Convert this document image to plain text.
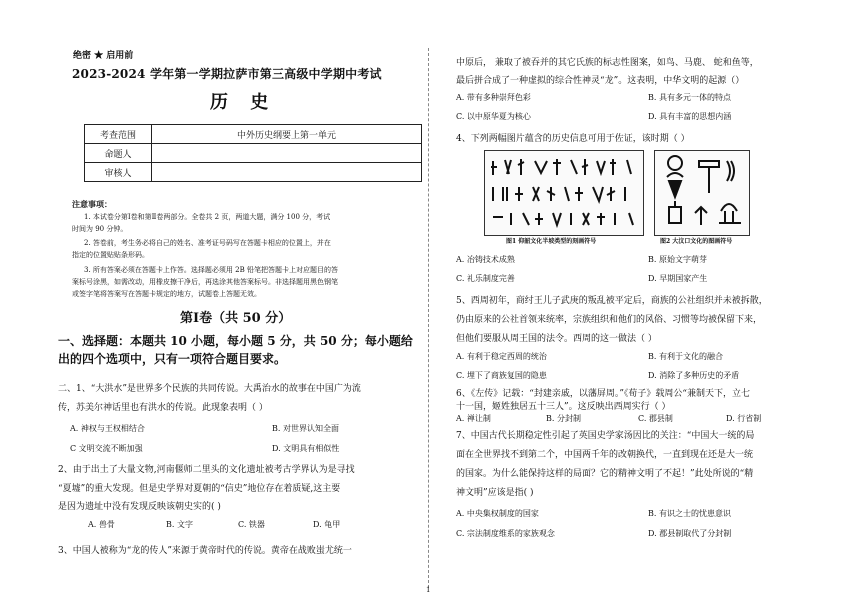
绝密 ★ 启用前
2023-2024 学年第一学期拉萨市第三高级中学期中考试
历 史
考查范围	中外历史纲要上第一单元
命题人	
审核人	
注意事项：
1. 本试卷分第Ⅰ卷和第Ⅱ卷两部分。全卷共 2 页，两道大题，满分 100 分，考试
时间为 90 分钟。
2. 答卷前，考生务必将自己的姓名、准考证号码写在答题卡相应的位置上，并在
指定的位置贴贴条形码。
3. 所有答案必须在答题卡上作答。选择题必须用 2B 铅笔把答题卡上对应题目的答
案标号涂黑，如需改动，用橡皮擦干净后，再选涂其他答案标号。非选择题用黑色钢笔
或签字笔将答案写在答题卡规定的地方，试题卷上答题无效。
第Ⅰ卷（共 50 分）
一、选择题：本题共 10 小题，每小题 5 分，共 50 分；每小题给
出的四个选项中，只有一项符合题目要求。
二、1、“大洪水”是世界多个民族的共同传说。大禹治水的故事在中国广为流
传，苏美尔神话里也有洪水的传说。此现象表明（ ）
A. 神权与王权相结合	B. 对世界认知全面
C 文明交流不断加强	D. 文明具有相似性
2、由于出土了大量文物,河南偃师二里头的文化遗址被考古学界认为是寻找
“夏墟”的重大发现。但是史学界对夏朝的“信史”地位存在着质疑,这主要
是因为遗址中没有发现反映该朝史实的( )
A. 兽骨	B. 文字	C. 铁器	D. 龟甲
3、中国人被称为“龙的传人”来源于黄帝时代的传说。黄帝在战败蚩尤统一
中原后， 兼取了被吞并的其它氏族的标志性图案，如鸟、马鹿、 蛇和鱼等，
最后拼合成了一种虚拟的综合性神灵“龙”。这表明，中华文明的起源（）
A. 带有多种崇拜色彩	B. 具有多元一体的特点
C. 以中原华夏为核心	D. 具有丰富的思想内涵
4、下列两幅图片蕴含的历史信息可用于佐证，该时期（ ）
图1 仰韶文化半坡类型的刻画符号	图2 大汶口文化的图画符号
A. 冶铸技术成熟	B. 原始文字萌芽
C. 礼乐制度完善	D. 早期国家产生
5、西周初年，商纣王儿子武庚的叛乱被平定后，商族的公社组织并未被拆散，
仍由原来的公社首领来统率，宗族组织和他们的风俗、习惯等均被保留下来，
但他们要服从周王国的法令。西周的这一做法（ ）
A. 有利于稳定西周的统治	B. 有利于文化的融合
C. 埋下了商族复国的隐患	D. 消除了多种历史的矛盾
6、《左传》记载：“封建亲戚，以藩屏周。”《荀子》载周公“兼制天下，立七
十一国，姬姓独居五十三人”。这反映出西周实行（ ）
A. 禅让制	B. 分封制	C. 郡县制	D. 行省制
7、中国古代长期稳定性引起了英国史学家汤因比的关注：“中国大一统的局
面在全世界找不到第二个，中国两千年的改朝换代，一直到现在还是大一统
的国家。为什么能保持这样的局面？它的精神文明了不起！”此处所说的“精
神文明”应该是指( )
A. 中央集权制度的国家	B. 有识之士的忧患意识
C. 宗法制度维系的家族观念	D. 郡县制取代了分封制
1
